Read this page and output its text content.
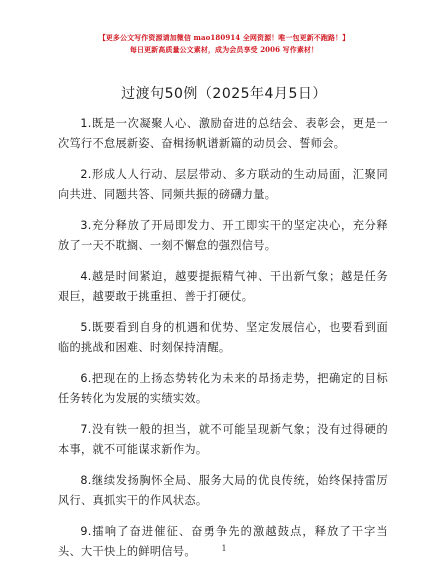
【更多公文写作资源请加微信 mao180914 全网资源！唯一包更新不跑路！】
每日更新高质量公文素材，成为会员享受 2006 写作素材！
过渡句50例（2025年4月5日）

1.既是一次凝聚人心、激励奋进的总结会、表彰会，更是一次笃行不怠展新姿、奋楫扬帆谱新篇的动员会、誓师会。

2.形成人人行动、层层带动、多方联动的生动局面，汇聚同向共进、同题共答、同频共振的磅礴力量。

3.充分释放了开局即发力、开工即实干的坚定决心，充分释放了一天不耽搁、一刻不懈怠的强烈信号。

4.越是时间紧迫，越要提振精气神、干出新气象；越是任务艰巨，越要敢于挑重担、善于打硬仗。

5.既要看到自身的机遇和优势、坚定发展信心，也要看到面临的挑战和困难、时刻保持清醒。

6.把现在的上扬态势转化为未来的昂扬走势，把确定的目标任务转化为发展的实绩实效。

7.没有铁一般的担当，就不可能呈现新气象；没有过得硬的本事，就不可能谋求新作为。

8.继续发扬胸怀全局、服务大局的优良传统，始终保持雷厉风行、真抓实干的作风状态。

9.擂响了奋进催征、奋勇争先的激越鼓点，释放了干字当头、大干快上的鲜明信号。	1
